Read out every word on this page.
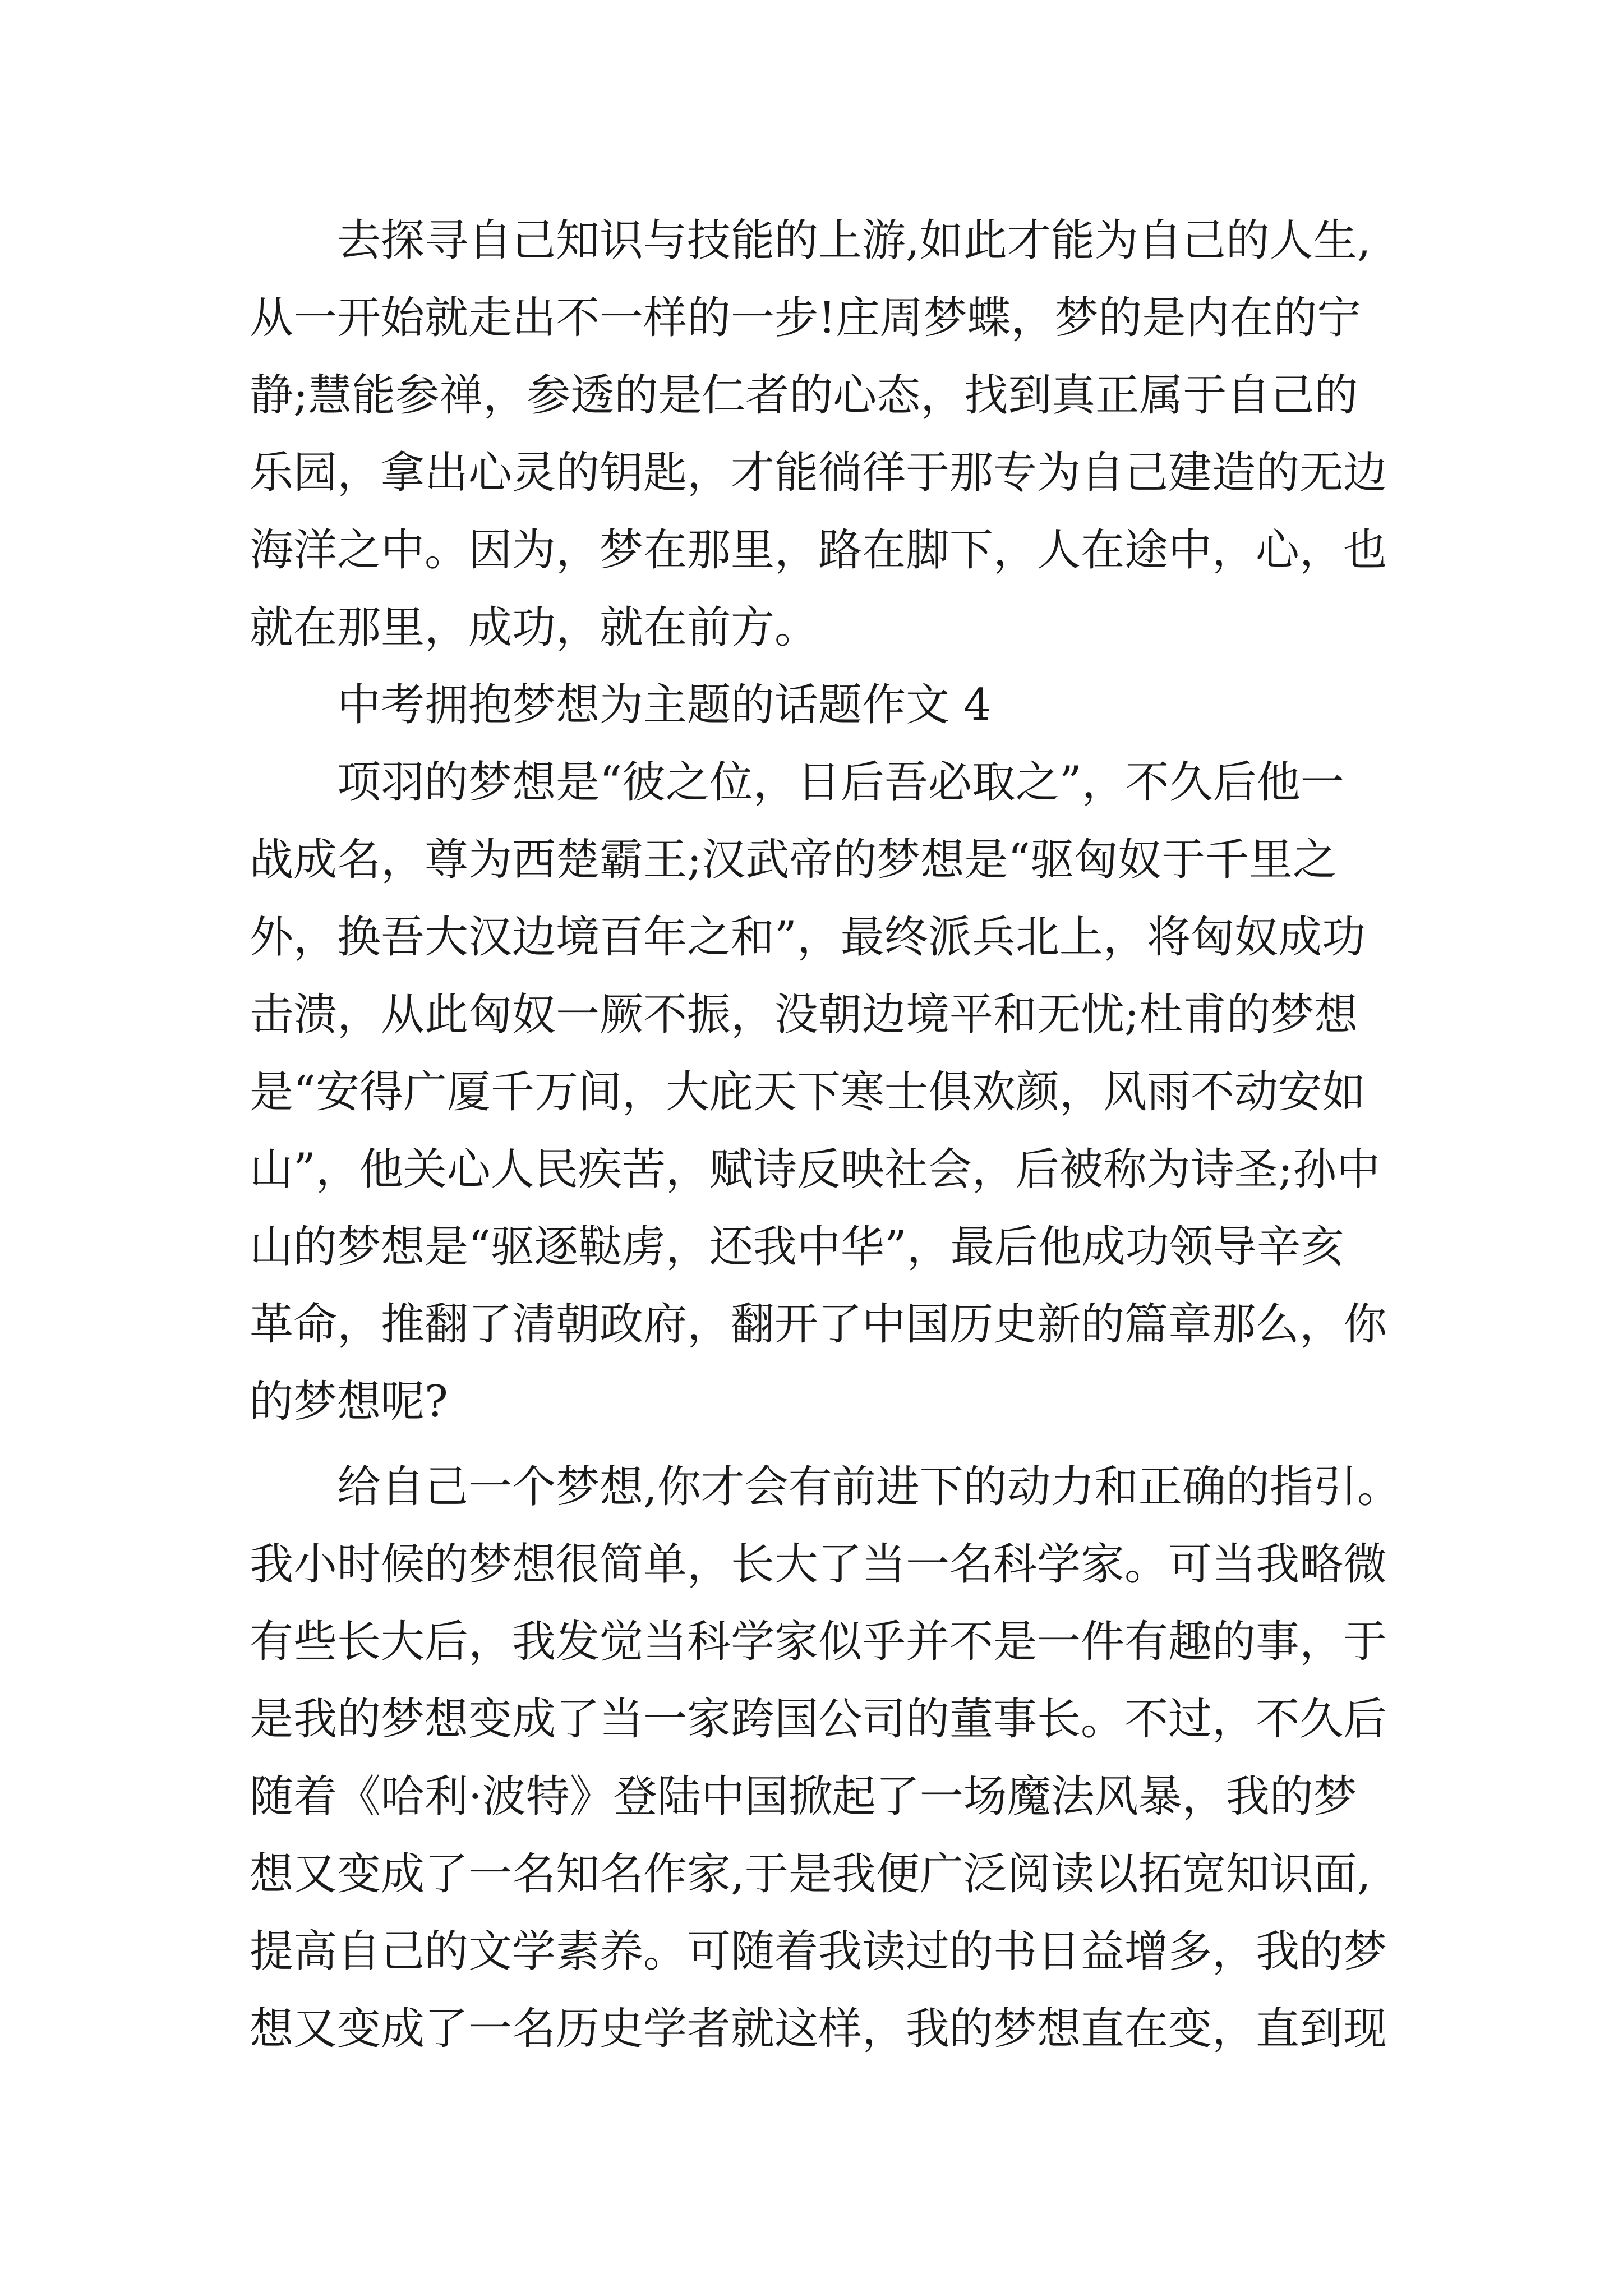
去探寻自己知识与技能的上游,如此才能为自己的人生,
从一开始就走出不一样的一步!庄周梦蝶，梦的是内在的宁
静;慧能参禅，参透的是仁者的心态，找到真正属于自己的
乐园，拿出心灵的钥匙，才能徜徉于那专为自己建造的无边
海洋之中。因为，梦在那里，路在脚下，人在途中，心，也
就在那里，成功，就在前方。
中考拥抱梦想为主题的话题作文 4
项羽的梦想是“彼之位，日后吾必取之”，不久后他一
战成名，尊为西楚霸王;汉武帝的梦想是“驱匈奴于千里之
外，换吾大汉边境百年之和”，最终派兵北上，将匈奴成功
击溃，从此匈奴一厥不振，没朝边境平和无忧;杜甫的梦想
是“安得广厦千万间，大庇天下寒士俱欢颜，风雨不动安如
山”，他关心人民疾苦，赋诗反映社会，后被称为诗圣;孙中
山的梦想是“驱逐鞑虏，还我中华”，最后他成功领导辛亥
革命，推翻了清朝政府，翻开了中国历史新的篇章那么，你
的梦想呢?
给自己一个梦想,你才会有前进下的动力和正确的指引。
我小时候的梦想很简单，长大了当一名科学家。可当我略微
有些长大后，我发觉当科学家似乎并不是一件有趣的事，于
是我的梦想变成了当一家跨国公司的董事长。不过，不久后
随着《哈利·波特》登陆中国掀起了一场魔法风暴，我的梦
想又变成了一名知名作家,于是我便广泛阅读以拓宽知识面,
提高自己的文学素养。可随着我读过的书日益增多，我的梦
想又变成了一名历史学者就这样，我的梦想直在变，直到现
